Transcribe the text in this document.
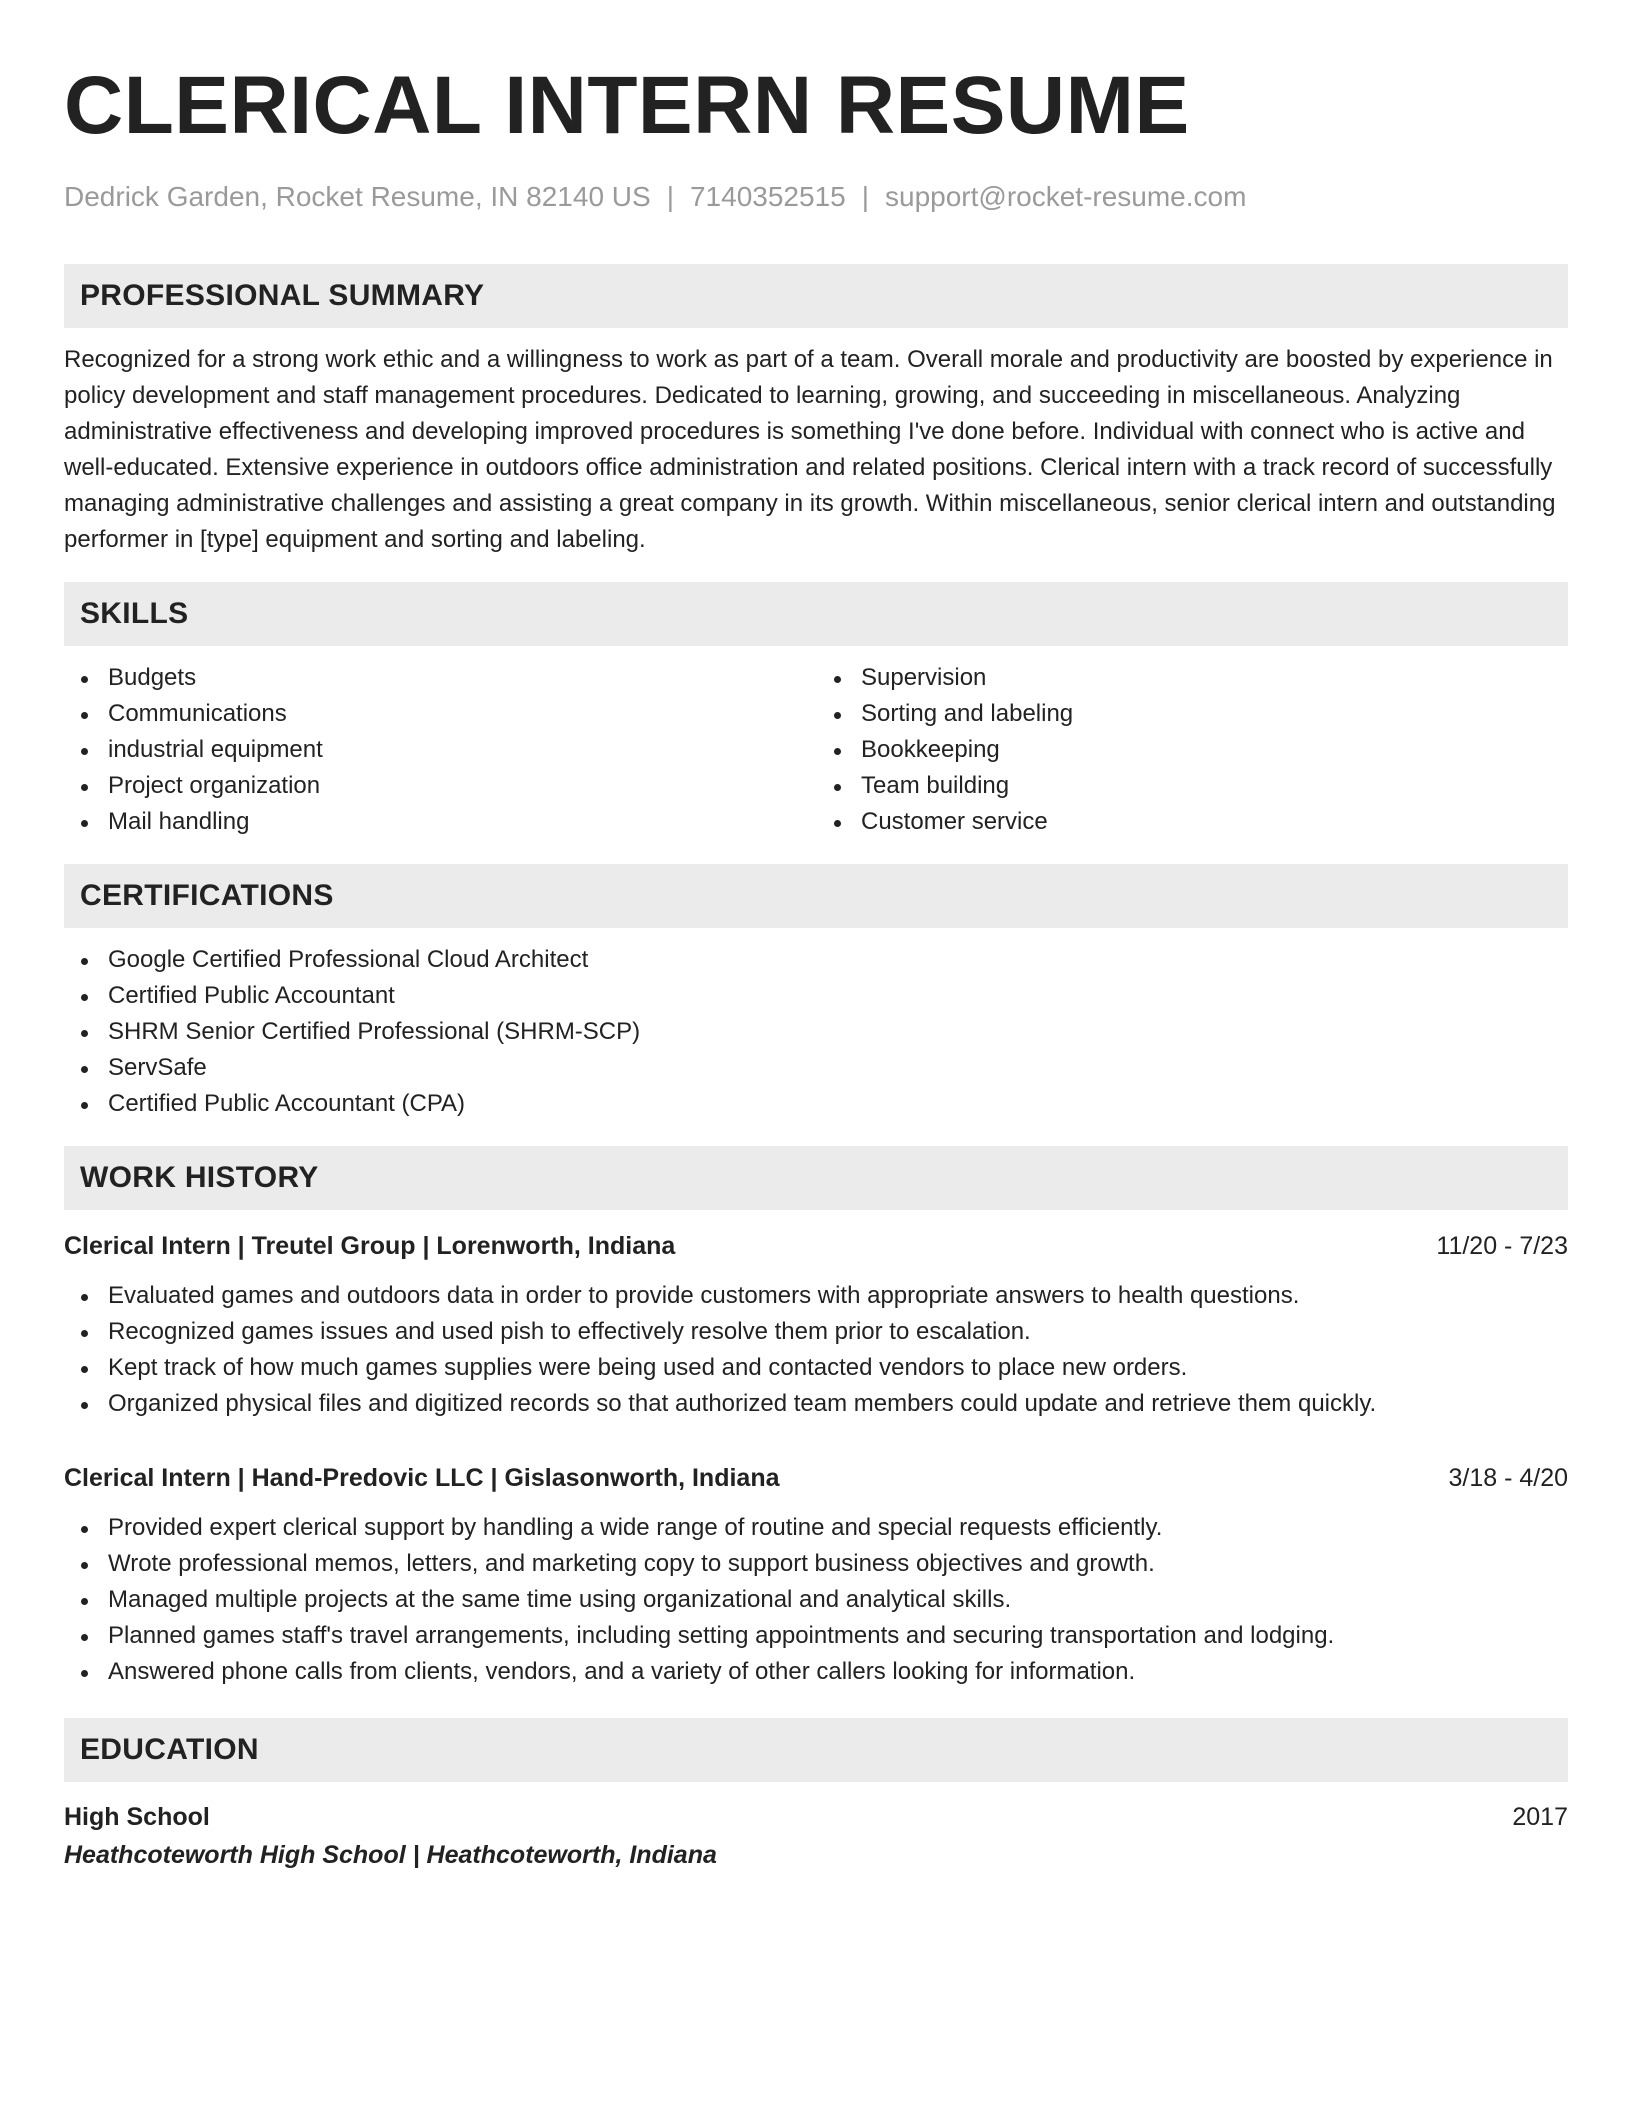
CLERICAL INTERN RESUME
Dedrick Garden, Rocket Resume, IN 82140 US | 7140352515 | support@rocket-resume.com
PROFESSIONAL SUMMARY

Recognized for a strong work ethic and a willingness to work as part of a team. Overall morale and productivity are boosted by experience in policy development and staff management procedures. Dedicated to learning, growing, and succeeding in miscellaneous. Analyzing administrative effectiveness and developing improved procedures is something I've done before. Individual with connect who is active and well-educated. Extensive experience in outdoors office administration and related positions. Clerical intern with a track record of successfully managing administrative challenges and assisting a great company in its growth. Within miscellaneous, senior clerical intern and outstanding performer in [type] equipment and sorting and labeling.

SKILLS
Budgets
Communications
industrial equipment
Project organization
Mail handling
Supervision
Sorting and labeling
Bookkeeping
Team building
Customer service
CERTIFICATIONS
Google Certified Professional Cloud Architect
Certified Public Accountant
SHRM Senior Certified Professional (SHRM-SCP)
ServSafe
Certified Public Accountant (CPA)
WORK HISTORY
Clerical Intern | Treutel Group | Lorenworth, Indiana	11/20 - 7/23
Evaluated games and outdoors data in order to provide customers with appropriate answers to health questions.
Recognized games issues and used pish to effectively resolve them prior to escalation.
Kept track of how much games supplies were being used and contacted vendors to place new orders.
Organized physical files and digitized records so that authorized team members could update and retrieve them quickly.
Clerical Intern | Hand-Predovic LLC | Gislasonworth, Indiana	3/18 - 4/20
Provided expert clerical support by handling a wide range of routine and special requests efficiently.
Wrote professional memos, letters, and marketing copy to support business objectives and growth.
Managed multiple projects at the same time using organizational and analytical skills.
Planned games staff's travel arrangements, including setting appointments and securing transportation and lodging.
Answered phone calls from clients, vendors, and a variety of other callers looking for information.
EDUCATION
High School	2017
Heathcoteworth High School | Heathcoteworth, Indiana
